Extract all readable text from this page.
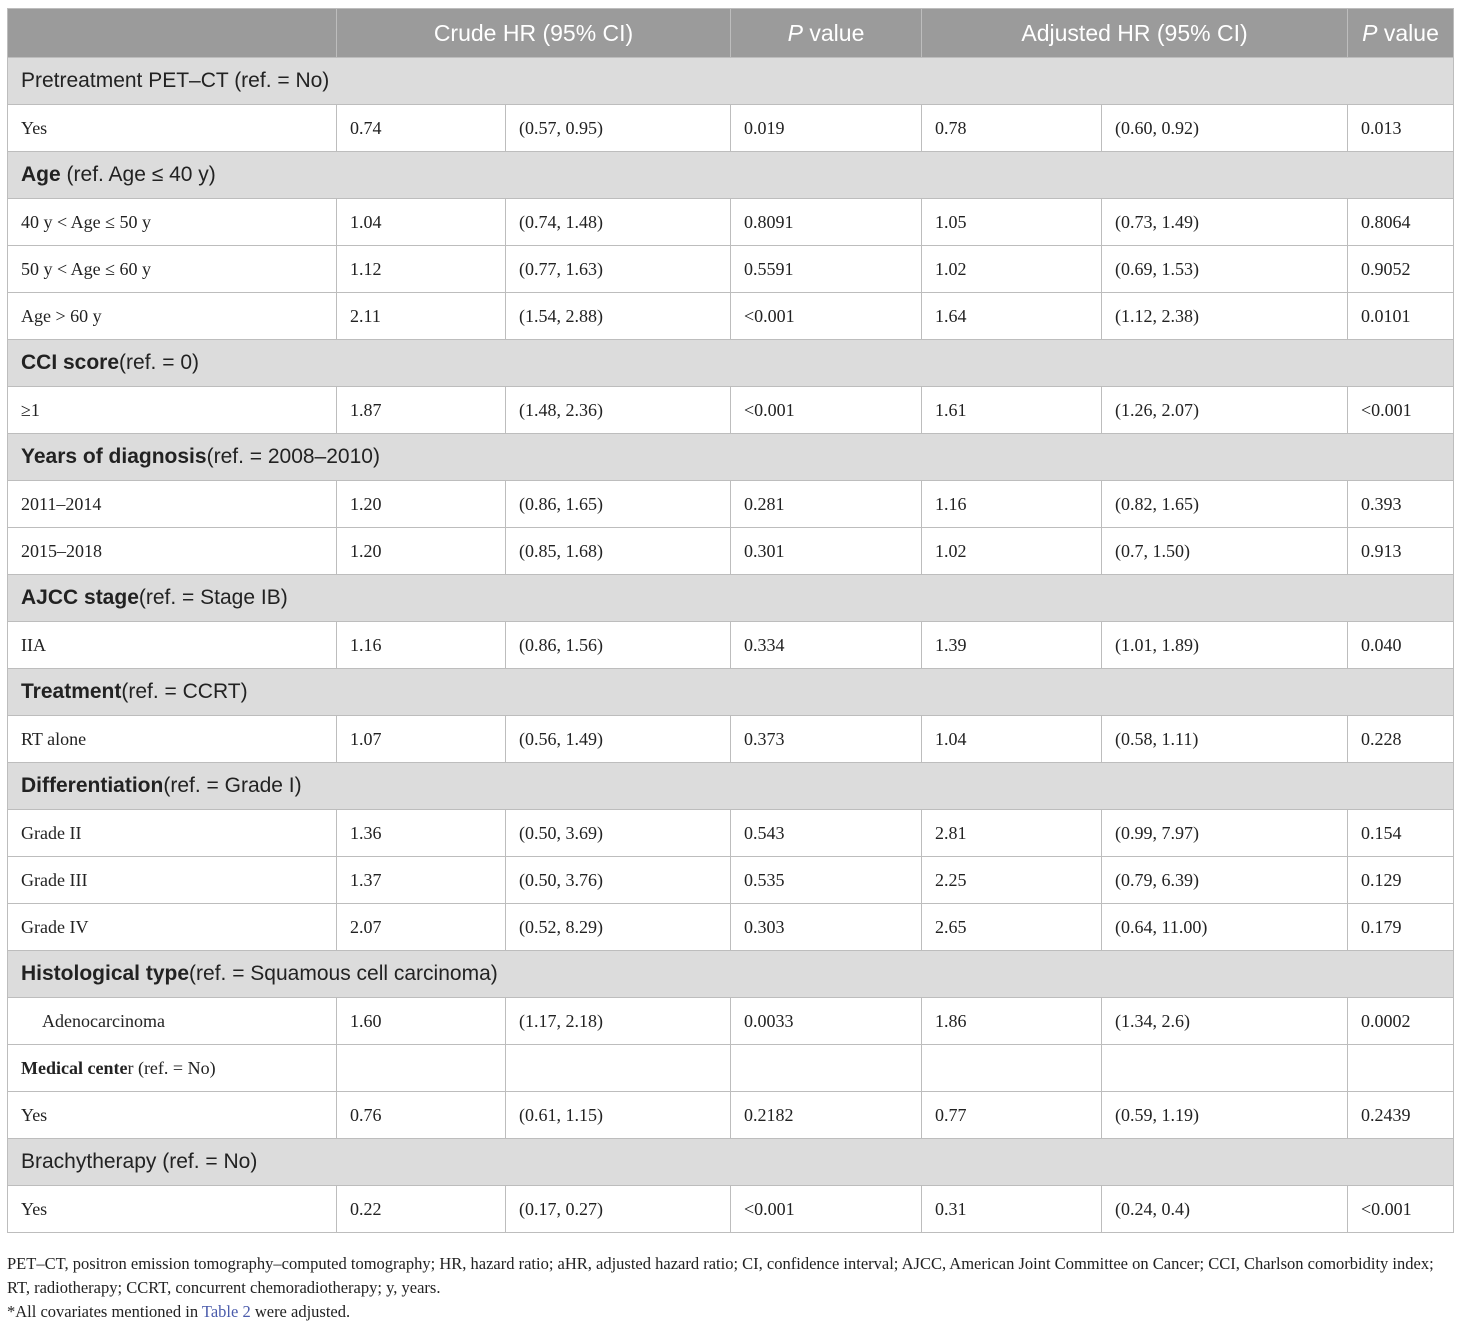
	Crude HR (95% CI)		P value	Adjusted HR (95% CI)		P value
Pretreatment PET–CT (ref. = No)						
Yes	0.74	(0.57, 0.95)	0.019	0.78	(0.60, 0.92)	0.013
Age (ref. Age ≤ 40 y)						
40 y < Age ≤ 50 y	1.04	(0.74, 1.48)	0.8091	1.05	(0.73, 1.49)	0.8064
50 y < Age ≤ 60 y	1.12	(0.77, 1.63)	0.5591	1.02	(0.69, 1.53)	0.9052
Age > 60 y	2.11	(1.54, 2.88)	<0.001	1.64	(1.12, 2.38)	0.0101
CCI score(ref. = 0)						
≥1	1.87	(1.48, 2.36)	<0.001	1.61	(1.26, 2.07)	<0.001
Years of diagnosis(ref. = 2008–2010)						
2011–2014	1.20	(0.86, 1.65)	0.281	1.16	(0.82, 1.65)	0.393
2015–2018	1.20	(0.85, 1.68)	0.301	1.02	(0.7, 1.50)	0.913
AJCC stage(ref. = Stage IB)						
IIA	1.16	(0.86, 1.56)	0.334	1.39	(1.01, 1.89)	0.040
Treatment(ref. = CCRT)						
RT alone	1.07	(0.56, 1.49)	0.373	1.04	(0.58, 1.11)	0.228
Differentiation(ref. = Grade I)						
Grade II	1.36	(0.50, 3.69)	0.543	2.81	(0.99, 7.97)	0.154
Grade III	1.37	(0.50, 3.76)	0.535	2.25	(0.79, 6.39)	0.129
Grade IV	2.07	(0.52, 8.29)	0.303	2.65	(0.64, 11.00)	0.179
Histological type(ref. = Squamous cell carcinoma)						
Adenocarcinoma	1.60	(1.17, 2.18)	0.0033	1.86	(1.34, 2.6)	0.0002
Medical center (ref. = No)						
Yes	0.76	(0.61, 1.15)	0.2182	0.77	(0.59, 1.19)	0.2439
Brachytherapy (ref. = No)						
Yes	0.22	(0.17, 0.27)	<0.001	0.31	(0.24, 0.4)	<0.001
PET–CT, positron emission tomography–computed tomography; HR, hazard ratio; aHR, adjusted hazard ratio; CI, confidence interval; AJCC, American Joint Committee on Cancer; CCI, Charlson comorbidity index; RT, radiotherapy; CCRT, concurrent chemoradiotherapy; y, years.
*All covariates mentioned in Table 2 were adjusted.
